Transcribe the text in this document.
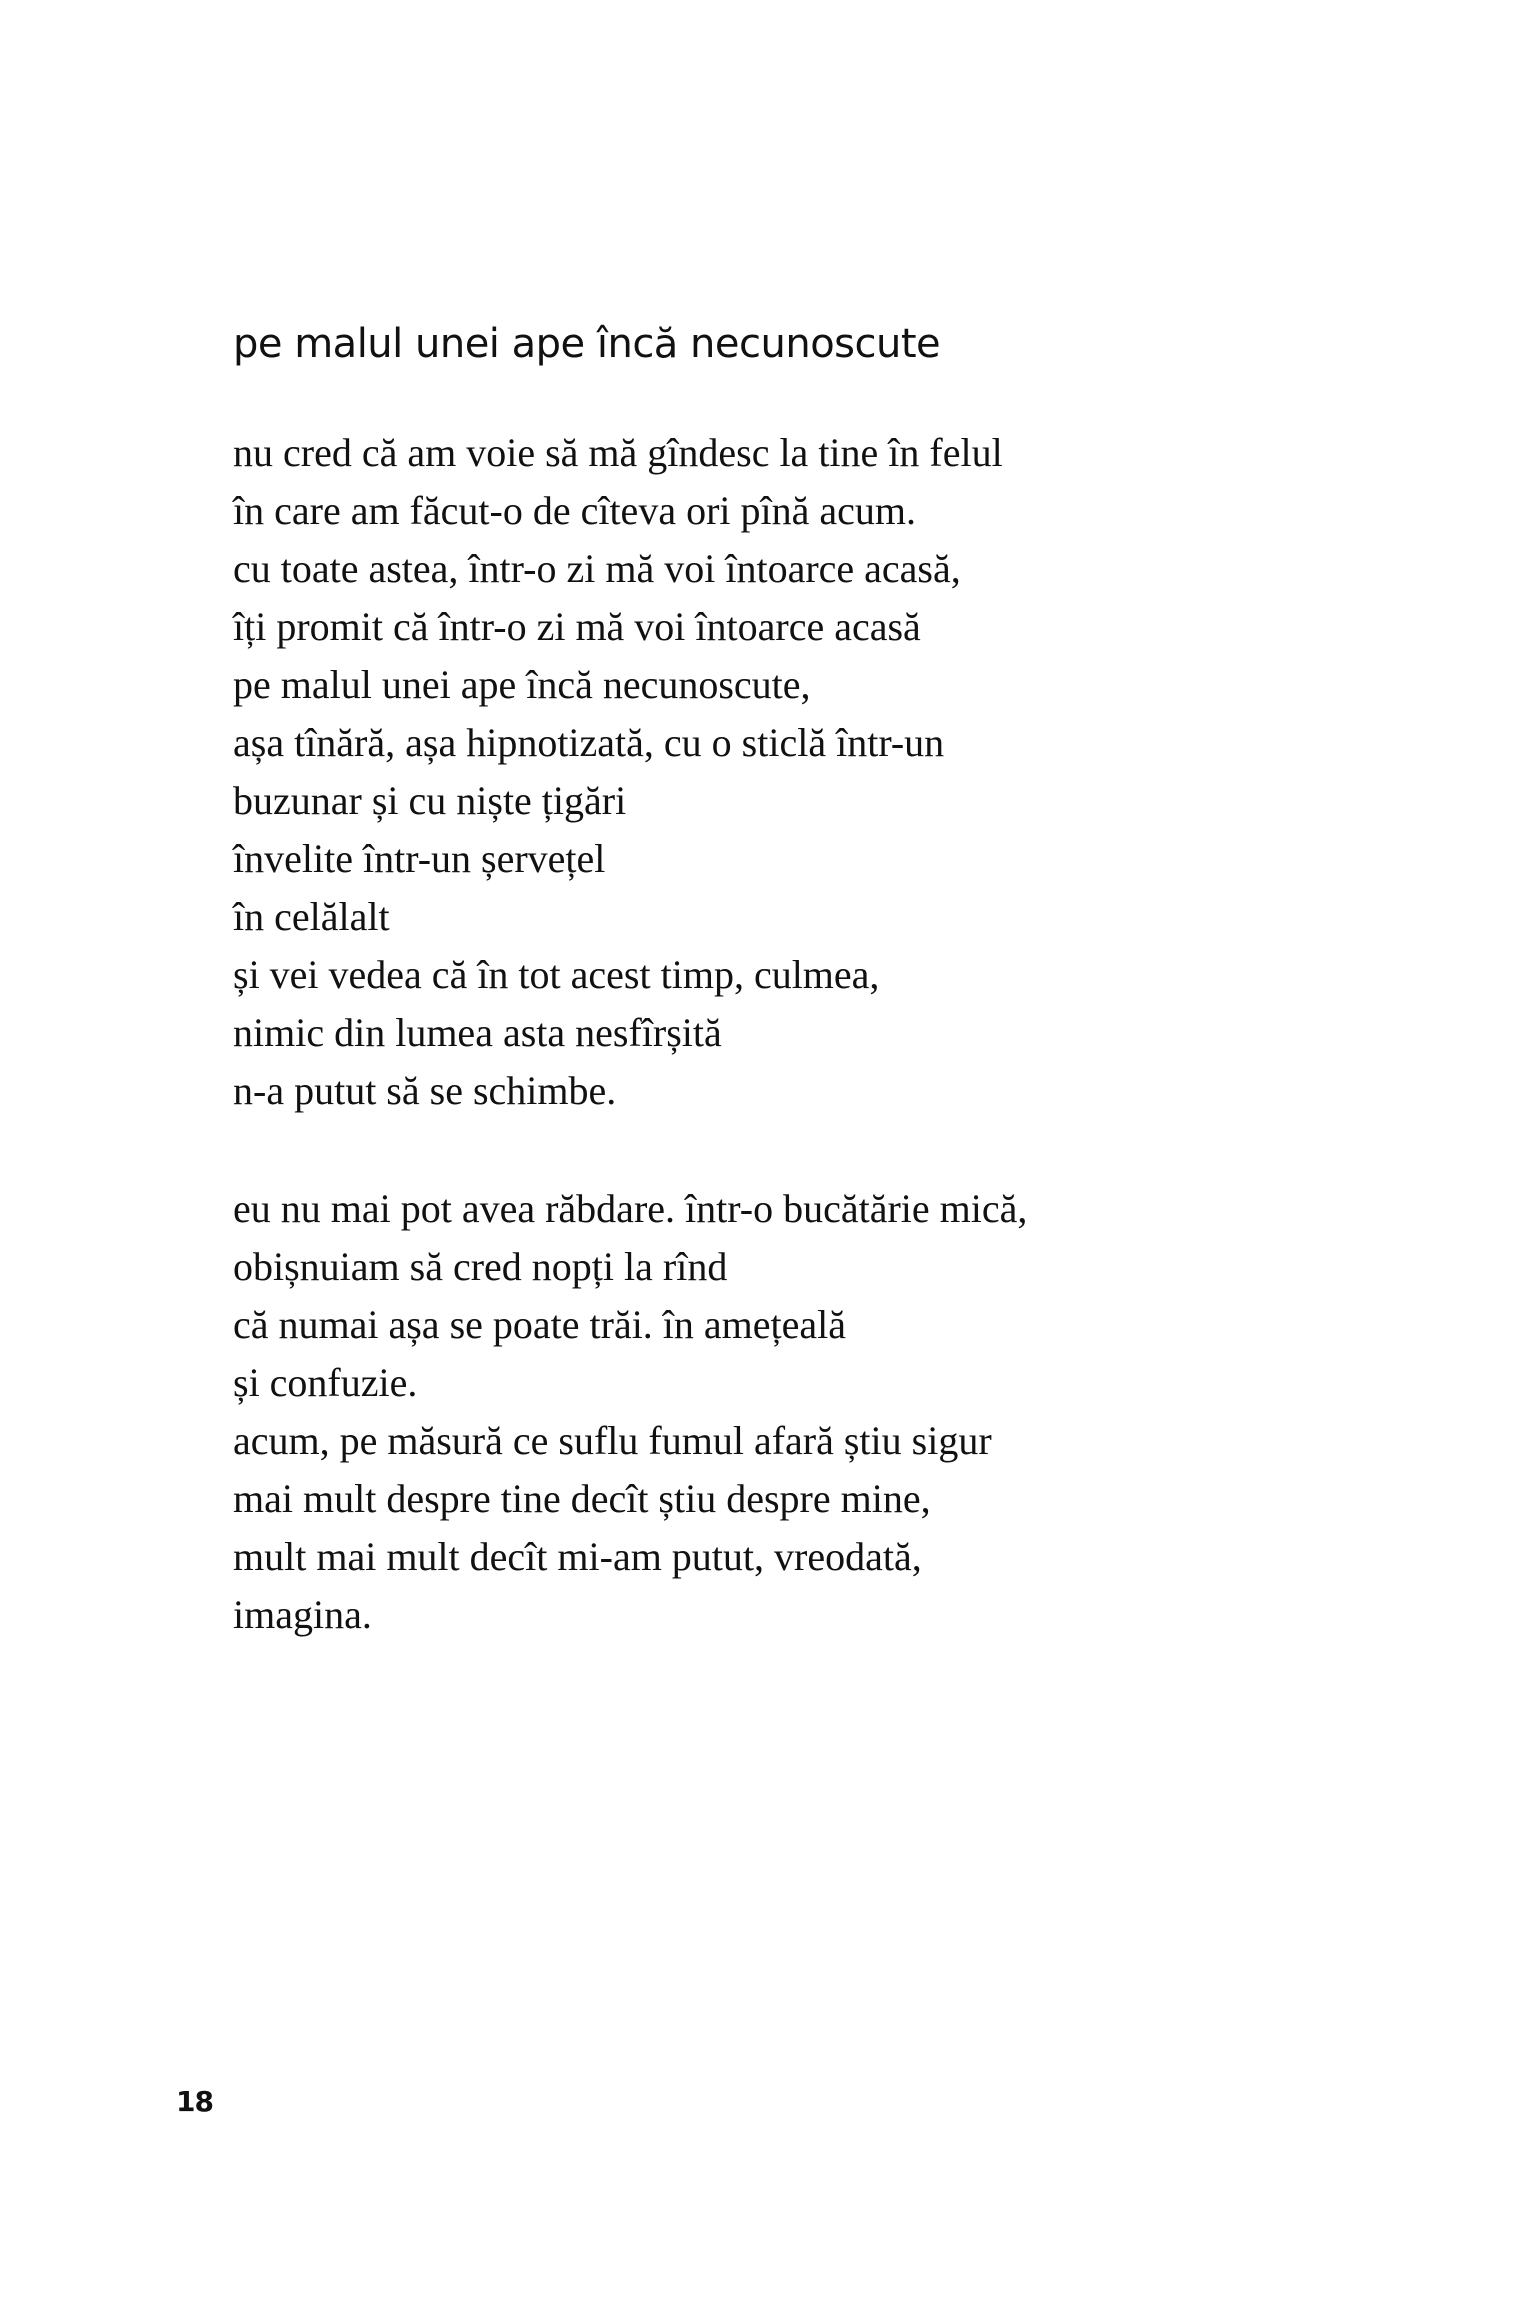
pe malul unei ape încă necunoscute
nu cred că am voie să mă gîndesc la tine în felul
în care am făcut-o de cîteva ori pînă acum.
cu toate astea, într-o zi mă voi întoarce acasă,
îți promit că într-o zi mă voi întoarce acasă
pe malul unei ape încă necunoscute,
așa tînără, așa hipnotizată, cu o sticlă într-un
buzunar și cu niște țigări
învelite într-un șervețel
în celălalt
și vei vedea că în tot acest timp, culmea,
nimic din lumea asta nesfîrșită
n-a putut să se schimbe.
eu nu mai pot avea răbdare. într-o bucătărie mică,
obișnuiam să cred nopți la rînd
că numai așa se poate trăi. în amețeală
și confuzie.
acum, pe măsură ce suflu fumul afară știu sigur
mai mult despre tine decît știu despre mine,
mult mai mult decît mi-am putut, vreodată,
imagina.

18
